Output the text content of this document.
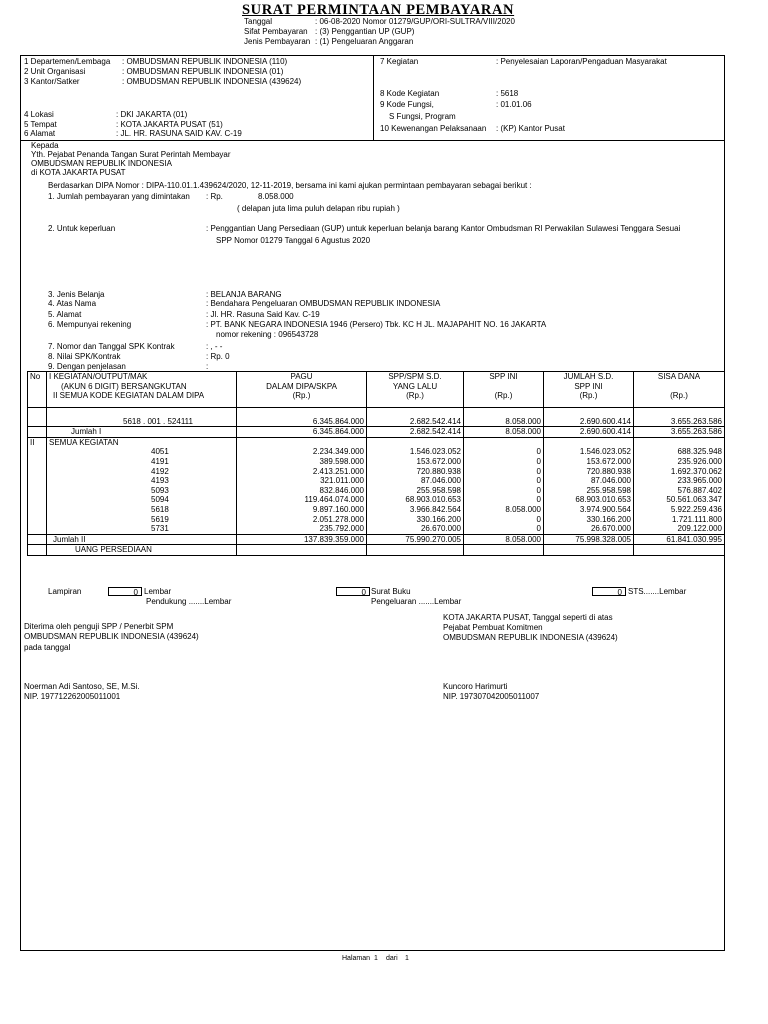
SURAT PERMINTAAN PEMBAYARAN
Tanggal	: 06-08-2020 Nomor 01279/GUP/ORI-SULTRA/VIII/2020
Sifat Pembayaran : (3) Penggantian UP (GUP)
Jenis Pembayaran : (1) Pengeluaran Anggaran
1 Departemen/Lembaga : OMBUDSMAN REPUBLIK INDONESIA (110)
2 Unit Organisasi	: OMBUDSMAN REPUBLIK INDONESIA (01)
3 Kantor/Satker	: OMBUDSMAN REPUBLIK INDONESIA (439624)
4 Lokasi	: DKI JAKARTA (01)
5 Tempat	: KOTA JAKARTA PUSAT (51)
6 Alamat	: JL. HR. RASUNA SAID KAV. C-19
7 Kegiatan	: Penyelesaian Laporan/Pengaduan Masyarakat
8 Kode Kegiatan	: 5618
9 Kode Fungsi,	: 01.01.06
S Fungsi, Program
10 Kewenangan Pelaksanaan : (KP) Kantor Pusat
Kepada
Yth. Pejabat Penanda Tangan Surat Perintah Membayar
OMBUDSMAN REPUBLIK INDONESIA
di KOTA JAKARTA PUSAT
Berdasarkan DIPA Nomor : DIPA-110.01.1.439624/2020, 12-11-2019, bersama ini kami ajukan permintaan pembayaran sebagai berikut :
1. Jumlah pembayaran yang dimintakan : Rp.	8.058.000
( delapan juta lima puluh delapan ribu rupiah )
2. Untuk keperluan	: Penggantian Uang Persediaan (GUP) untuk keperluan belanja barang Kantor Ombudsman RI Perwakilan Sulawesi Tenggara Sesuai
SPP Nomor 01279 Tanggal 6 Agustus 2020
3. Jenis Belanja	: BELANJA BARANG
4. Atas Nama	: Bendahara Pengeluaran OMBUDSMAN REPUBLIK INDONESIA
5. Alamat	: Jl. HR. Rasuna Said Kav. C-19
6. Mempunyai rekening	: PT. BANK NEGARA INDONESIA 1946 (Persero) Tbk. KC H JL. MAJAPAHIT NO. 16 JAKARTA
nomor rekening : 096543728
7. Nomor dan Tanggal SPK Kontrak	: , - -
8. Nilai SPK/Kontrak	: Rp. 0
9. Dengan penjelasan	:
No	I KEGIATAN/OUTPUT/MAK	PAGU	SPP/SPM S.D.	SPP INI	JUMLAH S.D.	SISA DANA
	(AKUN 6 DIGIT) BERSANGKUTAN	DALAM DIPA/SKPA	YANG LALU		SPP INI	
	II SEMUA KODE KEGIATAN DALAM DIPA	(Rp.)	(Rp.)	(Rp.)	(Rp.)	(Rp.)
	5618 . 001 . 524111	6.345.864.000	2.682.542.414	8.058.000	2.690.600.414	3.655.263.586
	Jumlah I	6.345.864.000	2.682.542.414	8.058.000	2.690.600.414	3.655.263.586
II	SEMUA KEGIATAN					
	4051	2.234.349.000	1.546.023.052	0	1.546.023.052	688.325.948
	4191	389.598.000	153.672.000	0	153.672.000	235.926.000
	4192	2.413.251.000	720.880.938	0	720.880.938	1.692.370.062
	4193	321.011.000	87.046.000	0	87.046.000	233.965.000
	5093	832.846.000	255.958.598	0	255.958.598	576.887.402
	5094	119.464.074.000	68.903.010.653	0	68.903.010.653	50.561.063.347
	5618	9.897.160.000	3.966.842.564	8.058.000	3.974.900.564	5.922.259.436
	5619	2.051.278.000	330.166.200	0	330.166.200	1.721.111.800
	5731	235.792.000	26.670.000	0	26.670.000	209.122.000
	Jumlah II	137.839.359.000	75.990.270.005	8.058.000	75.998.328.005	61.841.030.995
	UANG PERSEDIAAN					
Lampiran	0 Lembar
Pendukung .......Lembar
0 Surat Buku
Pengeluaran .......Lembar
0 STS.......Lembar
Diterima oleh penguji SPP / Penerbit SPM
OMBUDSMAN REPUBLIK INDONESIA (439624)
pada tanggal
Noerman Adi Santoso, SE, M.Si.
NIP. 197712262005011001
KOTA JAKARTA PUSAT, Tanggal seperti di atas
Pejabat Pembuat Komitmen
OMBUDSMAN REPUBLIK INDONESIA (439624)
Kuncoro Harimurti
NIP. 197307042005011007
Halaman 1 dari 1
